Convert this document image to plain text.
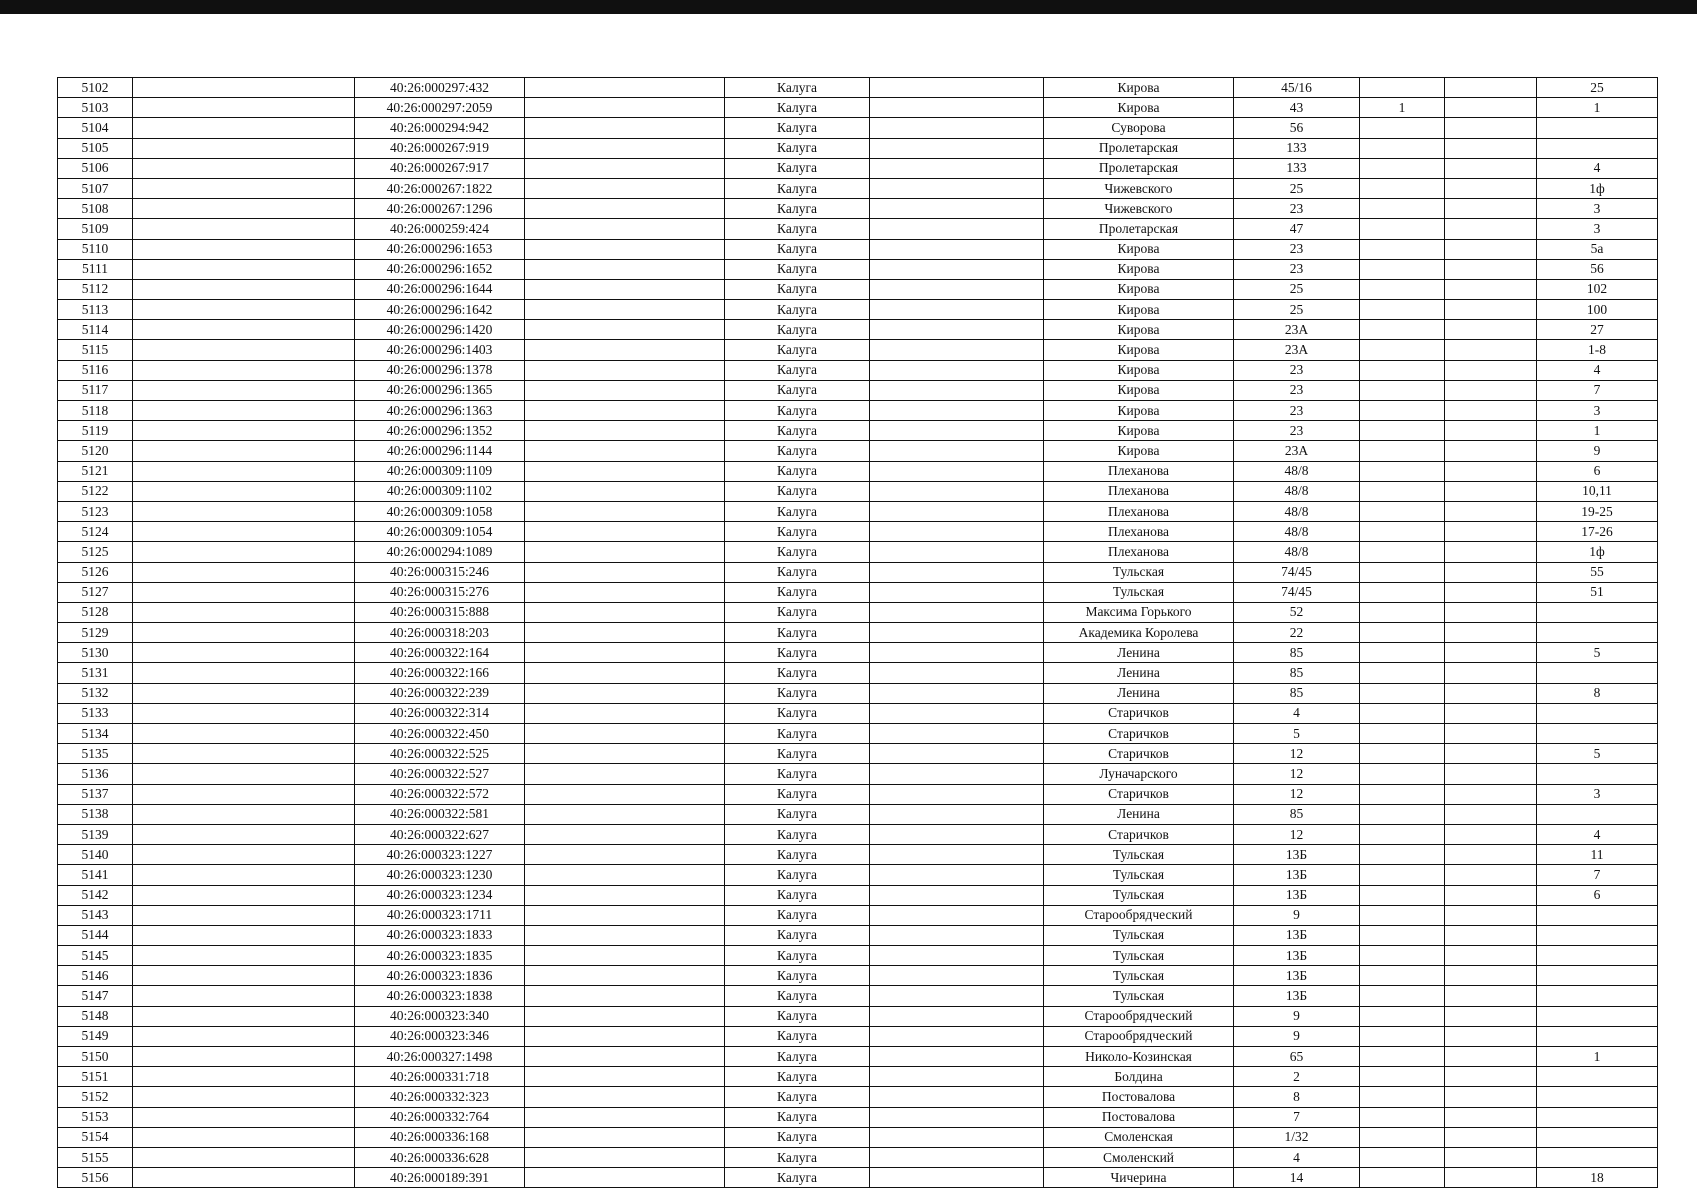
5102		40:26:000297:432		Калуга		Кирова	45/16			25
5103		40:26:000297:2059		Калуга		Кирова	43	1		1
5104		40:26:000294:942		Калуга		Суворова	56			
5105		40:26:000267:919		Калуга		Пролетарская	133			
5106		40:26:000267:917		Калуга		Пролетарская	133			4
5107		40:26:000267:1822		Калуга		Чижевского	25			1ф
5108		40:26:000267:1296		Калуга		Чижевского	23			3
5109		40:26:000259:424		Калуга		Пролетарская	47			3
5110		40:26:000296:1653		Калуга		Кирова	23			5а
5111		40:26:000296:1652		Калуга		Кирова	23			56
5112		40:26:000296:1644		Калуга		Кирова	25			102
5113		40:26:000296:1642		Калуга		Кирова	25			100
5114		40:26:000296:1420		Калуга		Кирова	23А			27
5115		40:26:000296:1403		Калуга		Кирова	23А			1-8
5116		40:26:000296:1378		Калуга		Кирова	23			4
5117		40:26:000296:1365		Калуга		Кирова	23			7
5118		40:26:000296:1363		Калуга		Кирова	23			3
5119		40:26:000296:1352		Калуга		Кирова	23			1
5120		40:26:000296:1144		Калуга		Кирова	23А			9
5121		40:26:000309:1109		Калуга		Плеханова	48/8			6
5122		40:26:000309:1102		Калуга		Плеханова	48/8			10,11
5123		40:26:000309:1058		Калуга		Плеханова	48/8			19-25
5124		40:26:000309:1054		Калуга		Плеханова	48/8			17-26
5125		40:26:000294:1089		Калуга		Плеханова	48/8			1ф
5126		40:26:000315:246		Калуга		Тульская	74/45			55
5127		40:26:000315:276		Калуга		Тульская	74/45			51
5128		40:26:000315:888		Калуга		Максима Горького	52			
5129		40:26:000318:203		Калуга		Академика Королева	22			
5130		40:26:000322:164		Калуга		Ленина	85			5
5131		40:26:000322:166		Калуга		Ленина	85			
5132		40:26:000322:239		Калуга		Ленина	85			8
5133		40:26:000322:314		Калуга		Старичков	4			
5134		40:26:000322:450		Калуга		Старичков	5			
5135		40:26:000322:525		Калуга		Старичков	12			5
5136		40:26:000322:527		Калуга		Луначарского	12			
5137		40:26:000322:572		Калуга		Старичков	12			3
5138		40:26:000322:581		Калуга		Ленина	85			
5139		40:26:000322:627		Калуга		Старичков	12			4
5140		40:26:000323:1227		Калуга		Тульская	13Б			11
5141		40:26:000323:1230		Калуга		Тульская	13Б			7
5142		40:26:000323:1234		Калуга		Тульская	13Б			6
5143		40:26:000323:1711		Калуга		Старообрядческий	9			
5144		40:26:000323:1833		Калуга		Тульская	13Б			
5145		40:26:000323:1835		Калуга		Тульская	13Б			
5146		40:26:000323:1836		Калуга		Тульская	13Б			
5147		40:26:000323:1838		Калуга		Тульская	13Б			
5148		40:26:000323:340		Калуга		Старообрядческий	9			
5149		40:26:000323:346		Калуга		Старообрядческий	9			
5150		40:26:000327:1498		Калуга		Николо-Козинская	65			1
5151		40:26:000331:718		Калуга		Болдина	2			
5152		40:26:000332:323		Калуга		Постовалова	8			
5153		40:26:000332:764		Калуга		Постовалова	7			
5154		40:26:000336:168		Калуга		Смоленская	1/32			
5155		40:26:000336:628		Калуга		Смоленский	4			
5156		40:26:000189:391		Калуга		Чичерина	14			18
